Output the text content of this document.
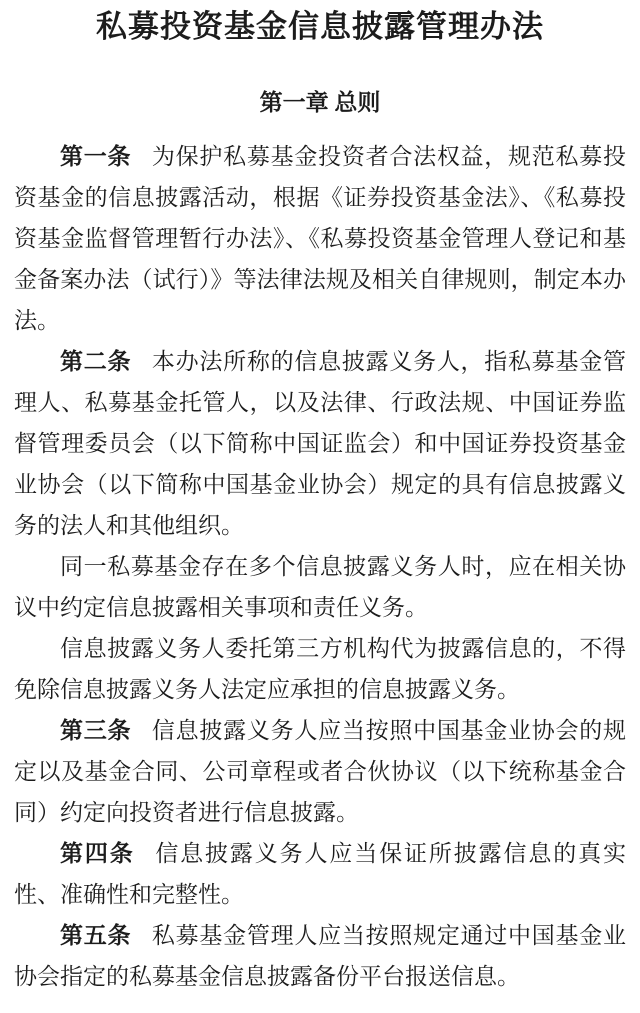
私募投资基金信息披露管理办法
第一章 总则

第一条 为保护私募基金投资者合法权益，规范私募投资基金的信息披露活动，根据《证券投资基金法》、《私募投资基金监督管理暂行办法》、《私募投资基金管理人登记和基金备案办法（试行）》等法律法规及相关自律规则，制定本办法。

第二条 本办法所称的信息披露义务人，指私募基金管理人、私募基金托管人，以及法律、行政法规、中国证券监督管理委员会（以下简称中国证监会）和中国证券投资基金业协会（以下简称中国基金业协会）规定的具有信息披露义务的法人和其他组织。

同一私募基金存在多个信息披露义务人时，应在相关协议中约定信息披露相关事项和责任义务。

信息披露义务人委托第三方机构代为披露信息的，不得免除信息披露义务人法定应承担的信息披露义务。

第三条 信息披露义务人应当按照中国基金业协会的规定以及基金合同、公司章程或者合伙协议（以下统称基金合同）约定向投资者进行信息披露。

第四条 信息披露义务人应当保证所披露信息的真实性、准确性和完整性。

第五条 私募基金管理人应当按照规定通过中国基金业协会指定的私募基金信息披露备份平台报送信息。
